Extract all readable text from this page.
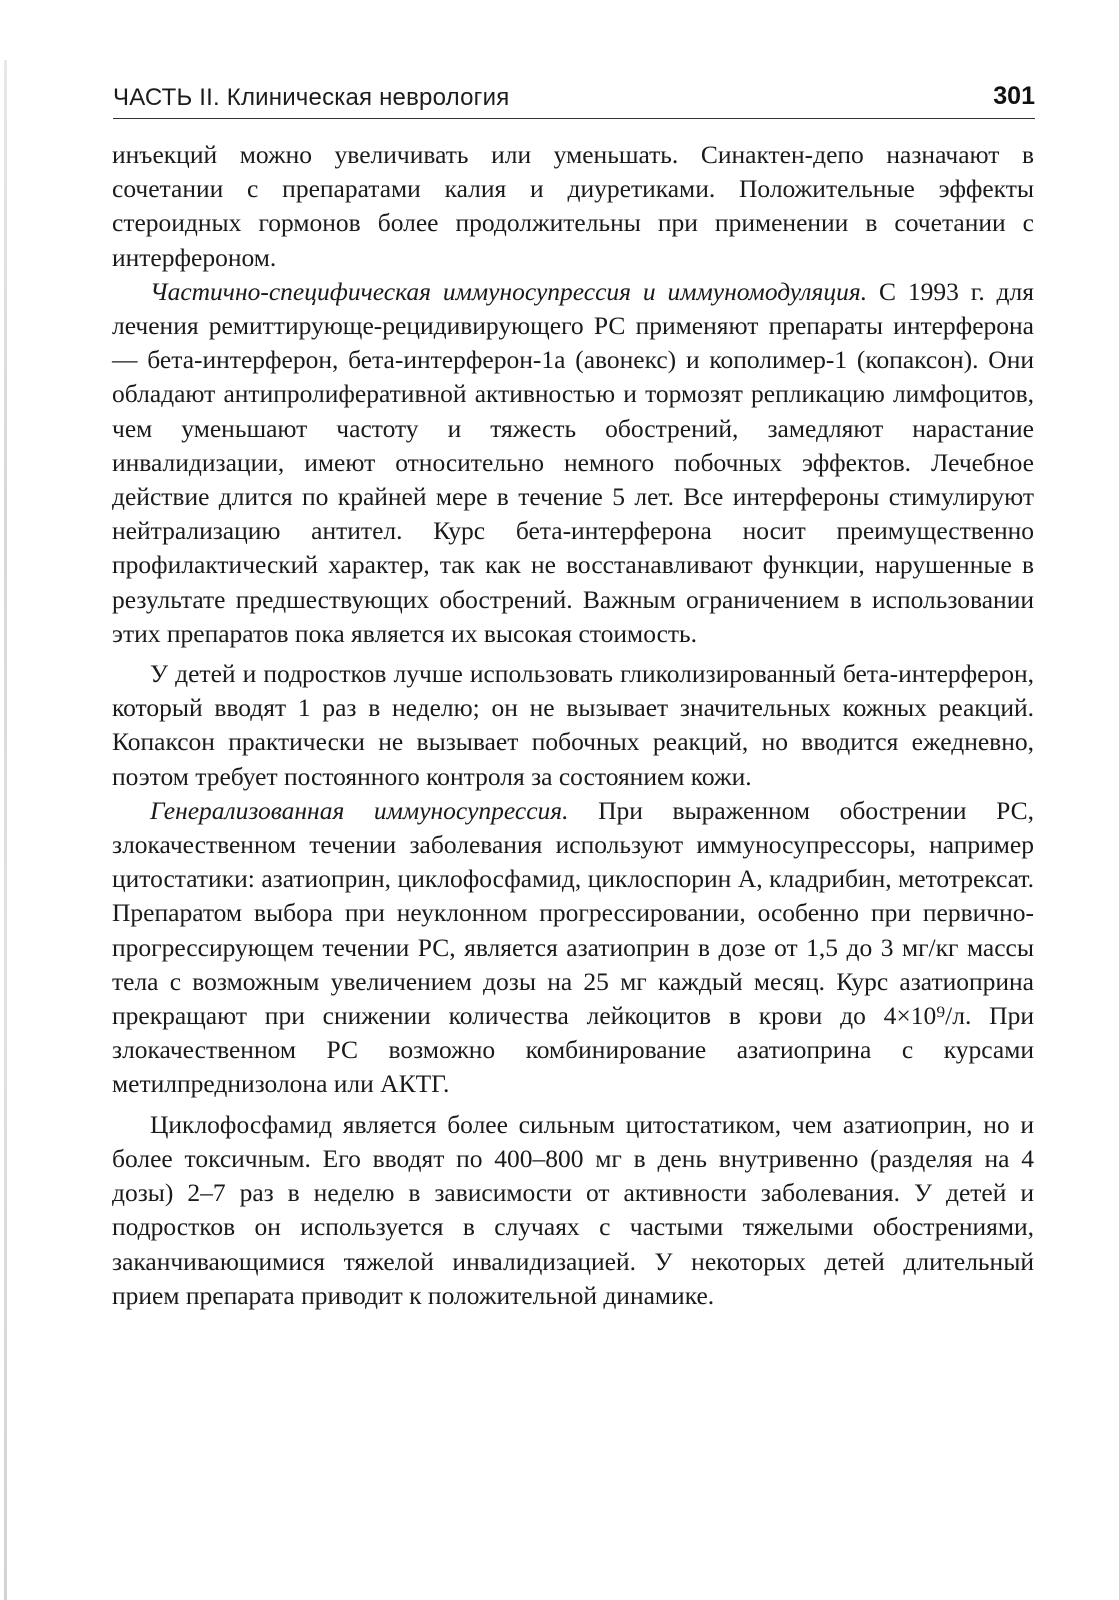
ЧАСТЬ II. Клиническая неврология	301

инъекций можно увеличивать или уменьшать. Синактен-депо назначают в сочетании с препаратами калия и диуретиками. Положительные эффекты стероидных гормонов более продолжительны при применении в сочетании с интерфероном.

Частично-специфическая иммуносупрессия и иммуномодуляция. С 1993 г. для лечения ремиттирующе-рецидивирующего РС применяют препараты интерферона — бета-интерферон, бета-интерферон-1а (авонекс) и кополимер-1 (копаксон). Они обладают антипролиферативной активностью и тормозят репликацию лимфоцитов, чем уменьшают частоту и тяжесть обострений, замедляют нарастание инвалидизации, имеют относительно немного побочных эффектов. Лечебное действие длится по крайней мере в течение 5 лет. Все интерфероны стимулируют нейтрализацию антител. Курс бета-интерферона носит преимущественно профилактический характер, так как не восстанавливают функции, нарушенные в результате предшествующих обострений. Важным ограничением в использовании этих препаратов пока является их высокая стоимость.

У детей и подростков лучше использовать гликолизированный бета-интерферон, который вводят 1 раз в неделю; он не вызывает значительных кожных реакций. Копаксон практически не вызывает побочных реакций, но вводится ежедневно, поэтом требует постоянного контроля за состоянием кожи.

Генерализованная иммуносупрессия. При выраженном обострении РС, злокачественном течении заболевания используют иммуносупрессоры, например цитостатики: азатиоприн, циклофосфамид, циклоспорин А, кладрибин, метотрексат. Препаратом выбора при неуклонном прогрессировании, особенно при первично-прогрессирующем течении РС, является азатиоприн в дозе от 1,5 до 3 мг/кг массы тела с возможным увеличением дозы на 25 мг каждый месяц. Курс азатиоприна прекращают при снижении количества лейкоцитов в крови до 4×10⁹/л. При злокачественном РС возможно комбинирование азатиоприна с курсами метилпреднизолона или АКТГ.

Циклофосфамид является более сильным цитостатиком, чем азатиоприн, но и более токсичным. Его вводят по 400–800 мг в день внутривенно (разделяя на 4 дозы) 2–7 раз в неделю в зависимости от активности заболевания. У детей и подростков он используется в случаях с частыми тяжелыми обострениями, заканчивающимися тяжелой инвалидизацией. У некоторых детей длительный прием препарата приводит к положительной динамике.
